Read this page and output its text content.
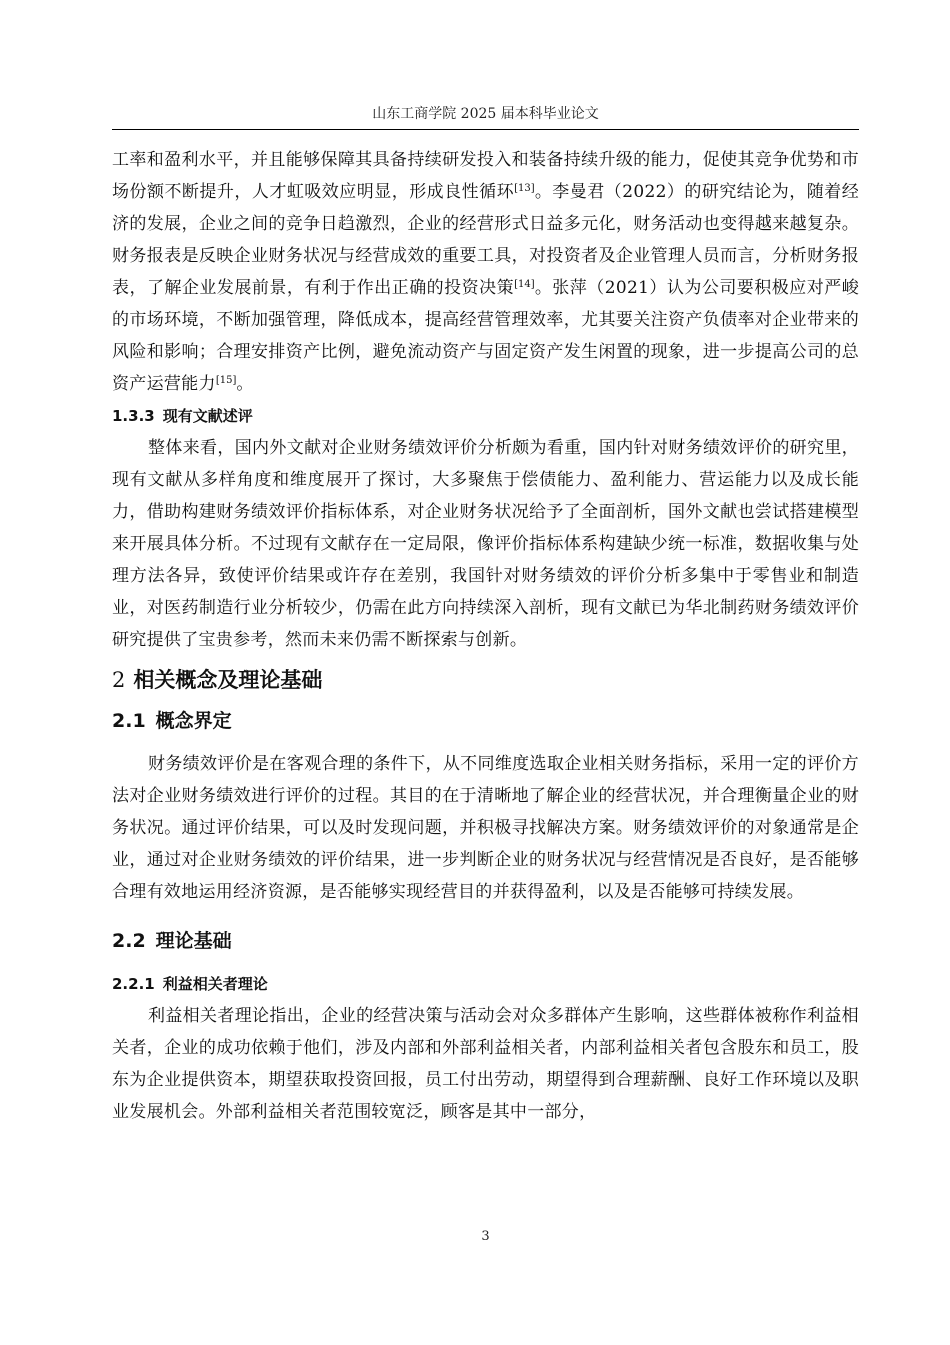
山东工商学院 2025 届本科毕业论文

工率和盈利水平，并且能够保障其具备持续研发投入和装备持续升级的能力，促使其竞争优势和市场份额不断提升，人才虹吸效应明显，形成良性循环[13]。李曼君（2022）的研究结论为，随着经济的发展，企业之间的竞争日趋激烈，企业的经营形式日益多元化，财务活动也变得越来越复杂。财务报表是反映企业财务状况与经营成效的重要工具，对投资者及企业管理人员而言，分析财务报表，了解企业发展前景，有利于作出正确的投资决策[14]。张萍（2021）认为公司要积极应对严峻的市场环境，不断加强管理，降低成本，提高经营管理效率，尤其要关注资产负债率对企业带来的风险和影响；合理安排资产比例，避免流动资产与固定资产发生闲置的现象，进一步提高公司的总资产运营能力[15]。

1.3.3 现有文献述评

整体来看，国内外文献对企业财务绩效评价分析颇为看重，国内针对财务绩效评价的研究里，现有文献从多样角度和维度展开了探讨，大多聚焦于偿债能力、盈利能力、营运能力以及成长能力，借助构建财务绩效评价指标体系，对企业财务状况给予了全面剖析，国外文献也尝试搭建模型来开展具体分析。不过现有文献存在一定局限，像评价指标体系构建缺少统一标准，数据收集与处理方法各异，致使评价结果或许存在差别，我国针对财务绩效的评价分析多集中于零售业和制造业，对医药制造行业分析较少，仍需在此方向持续深入剖析，现有文献已为华北制药财务绩效评价研究提供了宝贵参考，然而未来仍需不断探索与创新。

2 相关概念及理论基础
2.1 概念界定

财务绩效评价是在客观合理的条件下，从不同维度选取企业相关财务指标，采用一定的评价方法对企业财务绩效进行评价的过程。其目的在于清晰地了解企业的经营状况，并合理衡量企业的财务状况。通过评价结果，可以及时发现问题，并积极寻找解决方案。财务绩效评价的对象通常是企业，通过对企业财务绩效的评价结果，进一步判断企业的财务状况与经营情况是否良好，是否能够合理有效地运用经济资源，是否能够实现经营目的并获得盈利，以及是否能够可持续发展。

2.2 理论基础
2.2.1 利益相关者理论

利益相关者理论指出，企业的经营决策与活动会对众多群体产生影响，这些群体被称作利益相关者，企业的成功依赖于他们，涉及内部和外部利益相关者，内部利益相关者包含股东和员工，股东为企业提供资本，期望获取投资回报，员工付出劳动，期望得到合理薪酬、良好工作环境以及职业发展机会。外部利益相关者范围较宽泛，顾客是其中一部分，

3
